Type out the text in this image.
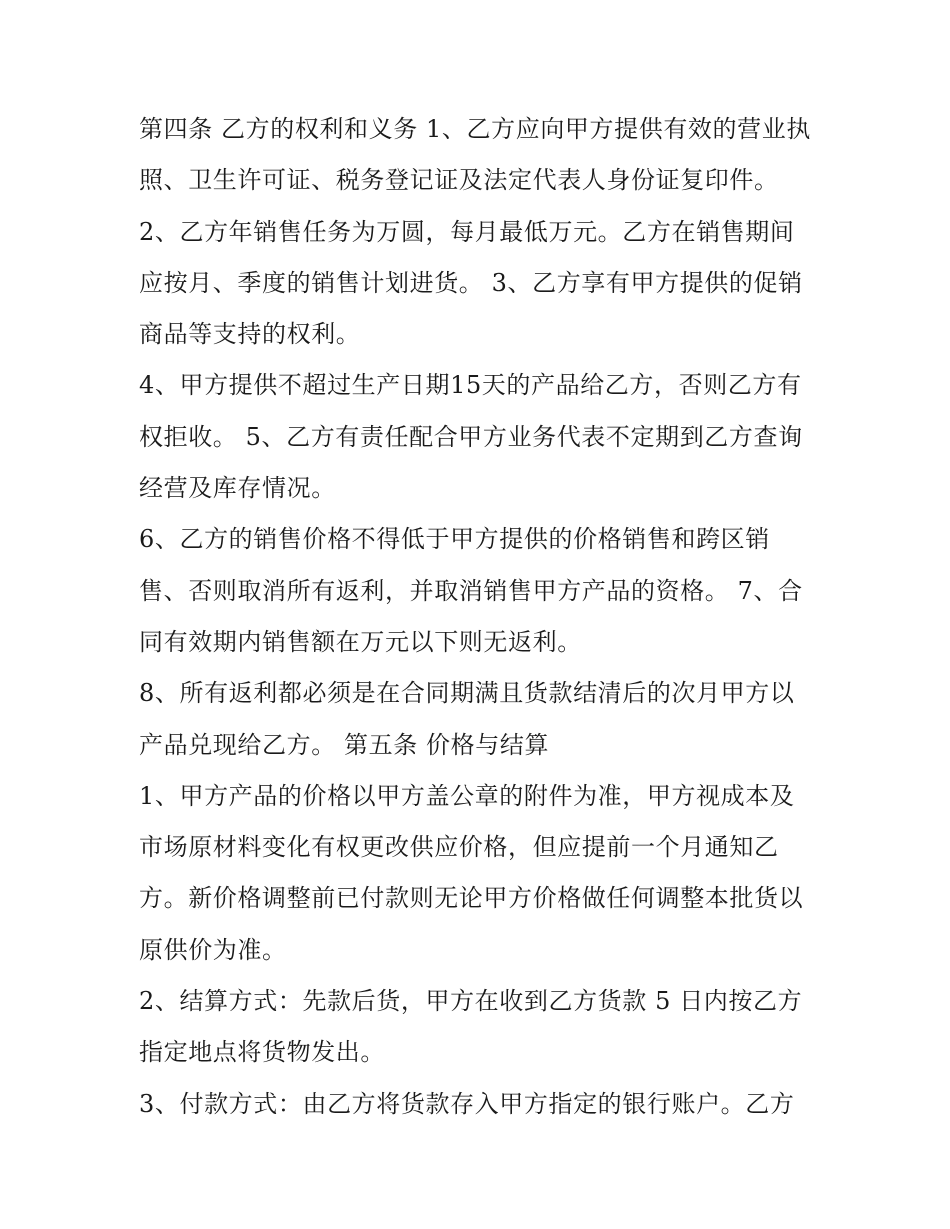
第四条 乙方的权利和义务 1、乙方应向甲方提供有效的营业执
照、卫生许可证、税务登记证及法定代表人身份证复印件。
2、乙方年销售任务为万圆，每月最低万元。乙方在销售期间
应按月、季度的销售计划进货。 3、乙方享有甲方提供的促销
商品等支持的权利。
4、甲方提供不超过生产日期15天的产品给乙方，否则乙方有
权拒收。 5、乙方有责任配合甲方业务代表不定期到乙方查询
经营及库存情况。
6、乙方的销售价格不得低于甲方提供的价格销售和跨区销
售、否则取消所有返利，并取消销售甲方产品的资格。 7、合
同有效期内销售额在万元以下则无返利。
8、所有返利都必须是在合同期满且货款结清后的次月甲方以
产品兑现给乙方。 第五条 价格与结算
1、甲方产品的价格以甲方盖公章的附件为准，甲方视成本及
市场原材料变化有权更改供应价格，但应提前一个月通知乙
方。新价格调整前已付款则无论甲方价格做任何调整本批货以
原供价为准。
2、结算方式：先款后货，甲方在收到乙方货款 5 日内按乙方
指定地点将货物发出。
3、付款方式：由乙方将货款存入甲方指定的银行账户。乙方
